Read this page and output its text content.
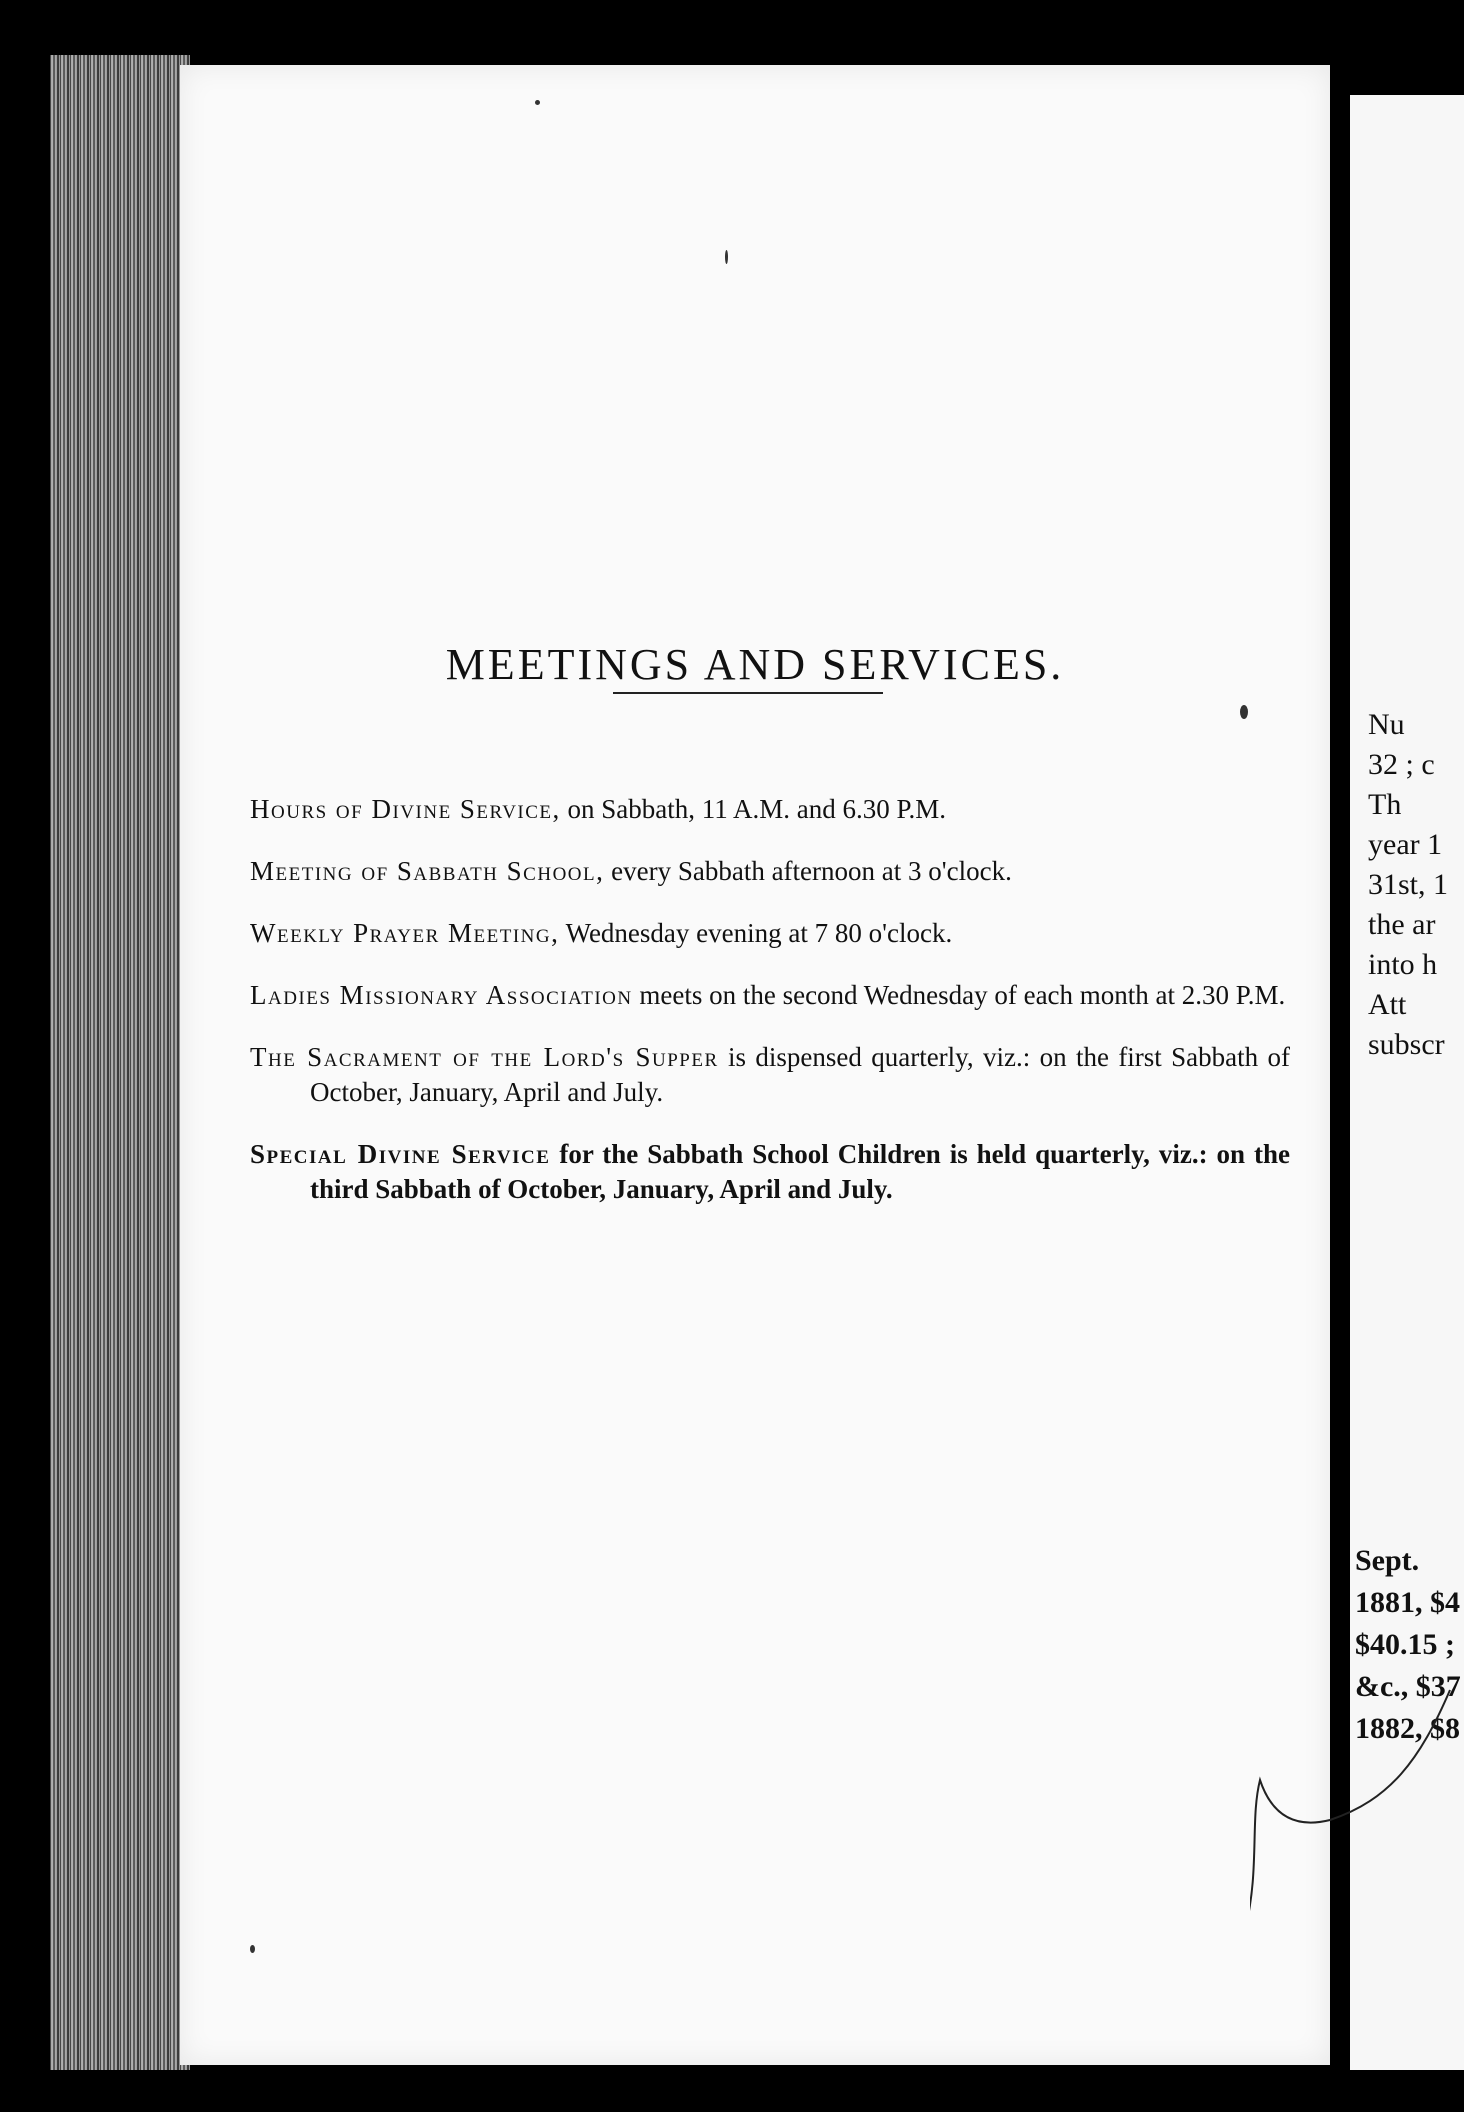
MEETINGS AND SERVICES.

Hours of Divine Service, on Sabbath, 11 A.M. and 6.30 P.M.

Meeting of Sabbath School, every Sabbath afternoon at 3 o'clock.

Weekly Prayer Meeting, Wednesday evening at 7 80 o'clock.

Ladies Missionary Association meets on the second Wednesday of each month at 2.30 P.M.

The Sacrament of the Lord's Supper is dispensed quarterly, viz.: on the first Sabbath of October, January, April and July.

Special Divine Service for the Sabbath School Children is held quarterly, viz.: on the third Sabbath of October, January, April and July.

Nu
32 ; c
Th
year 1
31st, 1
the ar
into h
Att
subscr
Sept.
1881, $4
$40.15 ;
&c., $37
1882, $8
